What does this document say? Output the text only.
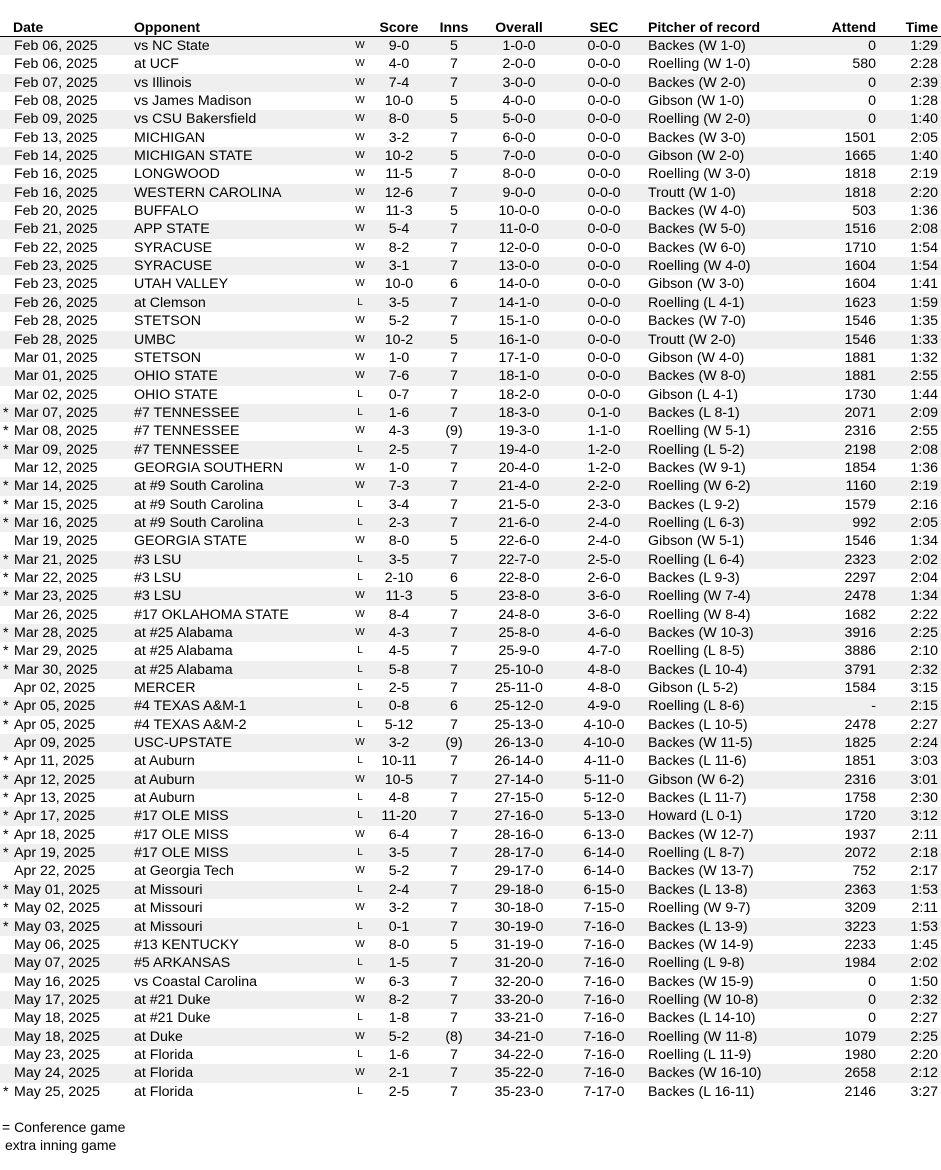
Date	Opponent	Score	Inns	Overall	SEC	Pitcher of record	Attend	Time
Feb 06, 2025	vs NC State	W	9-0	5	1-0-0	0-0-0	Backes (W 1-0)	0	1:29
Feb 06, 2025	at UCF	W	4-0	7	2-0-0	0-0-0	Roelling (W 1-0)	580	2:28
Feb 07, 2025	vs Illinois	W	7-4	7	3-0-0	0-0-0	Backes (W 2-0)	0	2:39
Feb 08, 2025	vs James Madison	W	10-0	5	4-0-0	0-0-0	Gibson (W 1-0)	0	1:28
Feb 09, 2025	vs CSU Bakersfield	W	8-0	5	5-0-0	0-0-0	Roelling (W 2-0)	0	1:40
Feb 13, 2025	MICHIGAN	W	3-2	7	6-0-0	0-0-0	Backes (W 3-0)	1501	2:05
Feb 14, 2025	MICHIGAN STATE	W	10-2	5	7-0-0	0-0-0	Gibson (W 2-0)	1665	1:40
Feb 16, 2025	LONGWOOD	W	11-5	7	8-0-0	0-0-0	Roelling (W 3-0)	1818	2:19
Feb 16, 2025	WESTERN CAROLINA	W	12-6	7	9-0-0	0-0-0	Troutt (W 1-0)	1818	2:20
Feb 20, 2025	BUFFALO	W	11-3	5	10-0-0	0-0-0	Backes (W 4-0)	503	1:36
Feb 21, 2025	APP STATE	W	5-4	7	11-0-0	0-0-0	Backes (W 5-0)	1516	2:08
Feb 22, 2025	SYRACUSE	W	8-2	7	12-0-0	0-0-0	Backes (W 6-0)	1710	1:54
Feb 23, 2025	SYRACUSE	W	3-1	7	13-0-0	0-0-0	Roelling (W 4-0)	1604	1:54
Feb 23, 2025	UTAH VALLEY	W	10-0	6	14-0-0	0-0-0	Gibson (W 3-0)	1604	1:41
Feb 26, 2025	at Clemson	L	3-5	7	14-1-0	0-0-0	Roelling (L 4-1)	1623	1:59
Feb 28, 2025	STETSON	W	5-2	7	15-1-0	0-0-0	Backes (W 7-0)	1546	1:35
Feb 28, 2025	UMBC	W	10-2	5	16-1-0	0-0-0	Troutt (W 2-0)	1546	1:33
Mar 01, 2025	STETSON	W	1-0	7	17-1-0	0-0-0	Gibson (W 4-0)	1881	1:32
Mar 01, 2025	OHIO STATE	W	7-6	7	18-1-0	0-0-0	Backes (W 8-0)	1881	2:55
Mar 02, 2025	OHIO STATE	L	0-7	7	18-2-0	0-0-0	Gibson (L 4-1)	1730	1:44
* Mar 07, 2025	#7 TENNESSEE	L	1-6	7	18-3-0	0-1-0	Backes (L 8-1)	2071	2:09
* Mar 08, 2025	#7 TENNESSEE	W	4-3	(9)	19-3-0	1-1-0	Roelling (W 5-1)	2316	2:55
* Mar 09, 2025	#7 TENNESSEE	L	2-5	7	19-4-0	1-2-0	Roelling (L 5-2)	2198	2:08
Mar 12, 2025	GEORGIA SOUTHERN	W	1-0	7	20-4-0	1-2-0	Backes (W 9-1)	1854	1:36
* Mar 14, 2025	at #9 South Carolina	W	7-3	7	21-4-0	2-2-0	Roelling (W 6-2)	1160	2:19
* Mar 15, 2025	at #9 South Carolina	L	3-4	7	21-5-0	2-3-0	Backes (L 9-2)	1579	2:16
* Mar 16, 2025	at #9 South Carolina	L	2-3	7	21-6-0	2-4-0	Roelling (L 6-3)	992	2:05
Mar 19, 2025	GEORGIA STATE	W	8-0	5	22-6-0	2-4-0	Gibson (W 5-1)	1546	1:34
* Mar 21, 2025	#3 LSU	L	3-5	7	22-7-0	2-5-0	Roelling (L 6-4)	2323	2:02
* Mar 22, 2025	#3 LSU	L	2-10	6	22-8-0	2-6-0	Backes (L 9-3)	2297	2:04
* Mar 23, 2025	#3 LSU	W	11-3	5	23-8-0	3-6-0	Roelling (W 7-4)	2478	1:34
Mar 26, 2025	#17 OKLAHOMA STATE	W	8-4	7	24-8-0	3-6-0	Roelling (W 8-4)	1682	2:22
* Mar 28, 2025	at #25 Alabama	W	4-3	7	25-8-0	4-6-0	Backes (W 10-3)	3916	2:25
* Mar 29, 2025	at #25 Alabama	L	4-5	7	25-9-0	4-7-0	Roelling (L 8-5)	3886	2:10
* Mar 30, 2025	at #25 Alabama	L	5-8	7	25-10-0	4-8-0	Backes (L 10-4)	3791	2:32
Apr 02, 2025	MERCER	L	2-5	7	25-11-0	4-8-0	Gibson (L 5-2)	1584	3:15
* Apr 05, 2025	#4 TEXAS A&M-1	L	0-8	6	25-12-0	4-9-0	Roelling (L 8-6)	-	2:15
* Apr 05, 2025	#4 TEXAS A&M-2	L	5-12	7	25-13-0	4-10-0	Backes (L 10-5)	2478	2:27
Apr 09, 2025	USC-UPSTATE	W	3-2	(9)	26-13-0	4-10-0	Backes (W 11-5)	1825	2:24
* Apr 11, 2025	at Auburn	L	10-11	7	26-14-0	4-11-0	Backes (L 11-6)	1851	3:03
* Apr 12, 2025	at Auburn	W	10-5	7	27-14-0	5-11-0	Gibson (W 6-2)	2316	3:01
* Apr 13, 2025	at Auburn	L	4-8	7	27-15-0	5-12-0	Backes (L 11-7)	1758	2:30
* Apr 17, 2025	#17 OLE MISS	L	11-20	7	27-16-0	5-13-0	Howard (L 0-1)	1720	3:12
* Apr 18, 2025	#17 OLE MISS	W	6-4	7	28-16-0	6-13-0	Backes (W 12-7)	1937	2:11
* Apr 19, 2025	#17 OLE MISS	L	3-5	7	28-17-0	6-14-0	Roelling (L 8-7)	2072	2:18
Apr 22, 2025	at Georgia Tech	W	5-2	7	29-17-0	6-14-0	Backes (W 13-7)	752	2:17
* May 01, 2025 at Missouri	L	2-4	7	29-18-0	6-15-0	Backes (L 13-8)	2363	1:53
* May 02, 2025 at Missouri	W	3-2	7	30-18-0	7-15-0	Roelling (W 9-7)	3209	2:11
* May 03, 2025 at Missouri	L	0-1	7	30-19-0	7-16-0	Backes (L 13-9)	3223	1:53
May 06, 2025 #13 KENTUCKY	W	8-0	5	31-19-0	7-16-0	Backes (W 14-9)	2233	1:45
May 07, 2025 #5 ARKANSAS	L	1-5	7	31-20-0	7-16-0	Roelling (L 9-8)	1984	2:02
May 16, 2025 vs Coastal Carolina	W	6-3	7	32-20-0	7-16-0	Backes (W 15-9)	0	1:50
May 17, 2025 at #21 Duke	W	8-2	7	33-20-0	7-16-0	Roelling (W 10-8)	0	2:32
May 18, 2025 at #21 Duke	L	1-8	7	33-21-0	7-16-0	Backes (L 14-10)	0	2:27
May 18, 2025 at Duke	W	5-2	(8)	34-21-0	7-16-0	Roelling (W 11-8)	1079	2:25
May 23, 2025 at Florida	L	1-6	7	34-22-0	7-16-0	Roelling (L 11-9)	1980	2:20
May 24, 2025 at Florida	W	2-1	7	35-22-0	7-16-0	Backes (W 16-10)	2658	2:12
* May 25, 2025 at Florida	L	2-5	7	35-23-0	7-17-0	Backes (L 16-11)	2146	3:27
= Conference game
extra inning game
